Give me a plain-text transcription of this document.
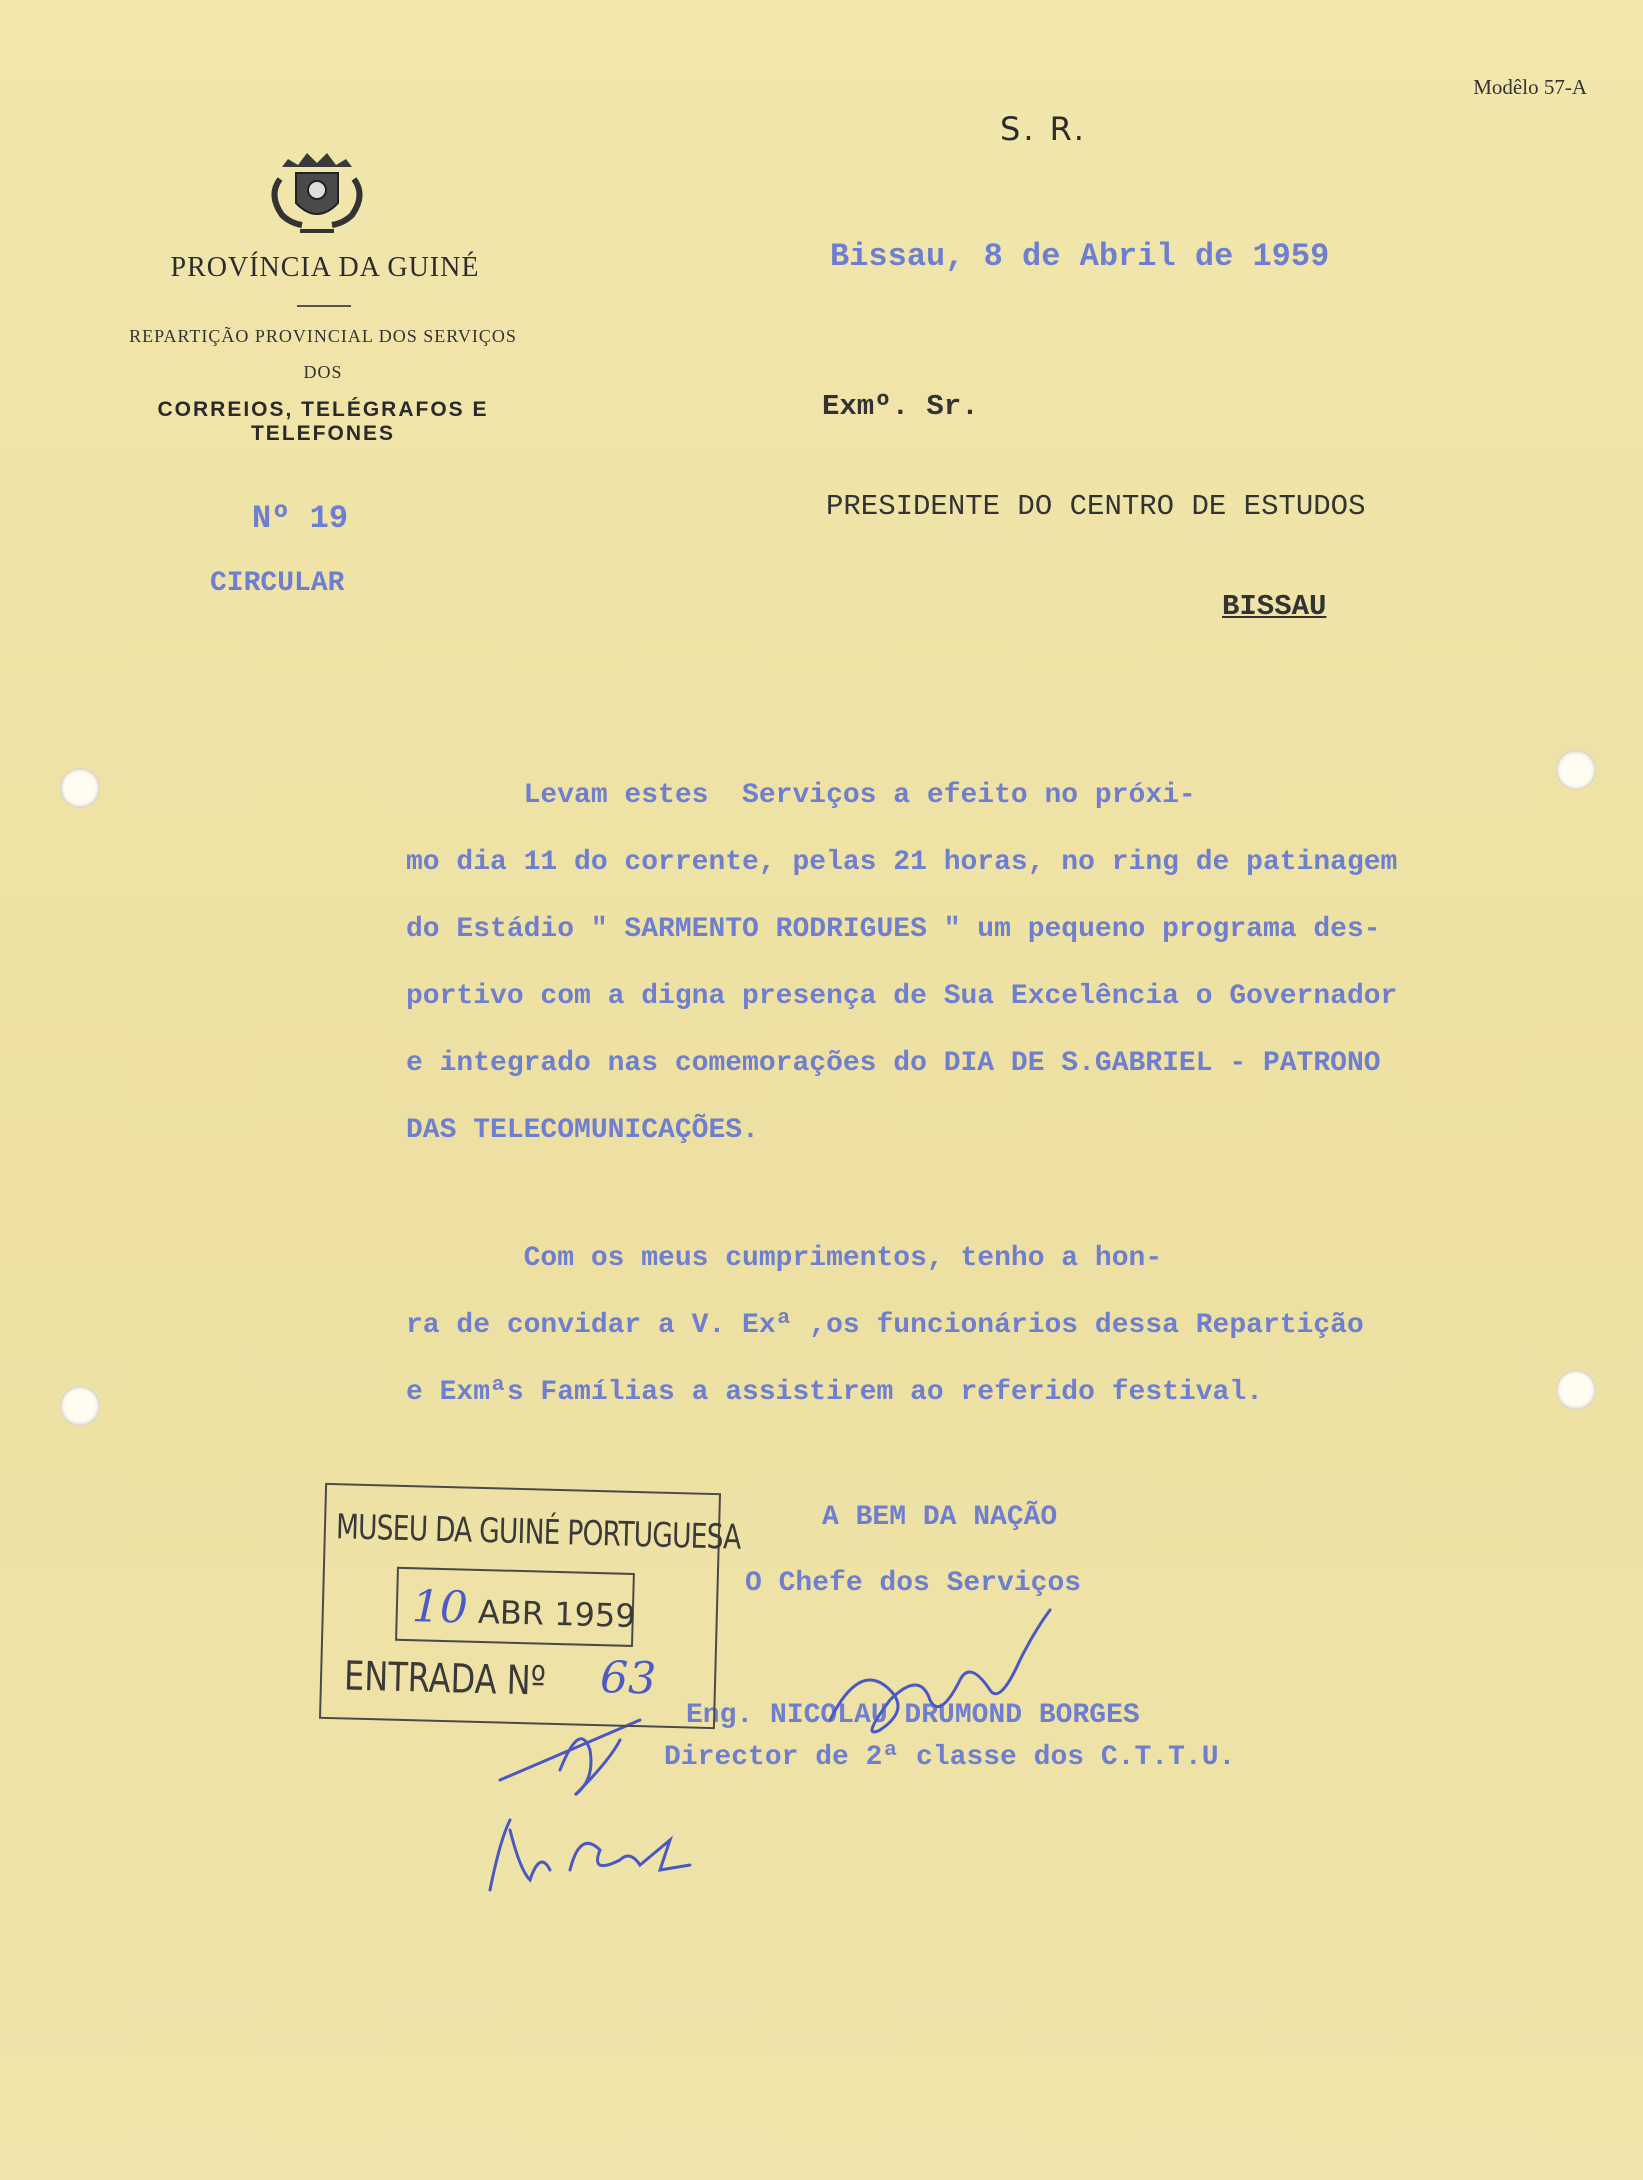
Modêlo 57-A
S. R.
PROVÍNCIA DA GUINÉ
REPARTIÇÃO PROVINCIAL DOS SERVIÇOS
DOS
CORREIOS, TELÉGRAFOS E TELEFONES
Nº 19
CIRCULAR
Bissau, 8 de Abril de 1959
Exmº. Sr.
PRESIDENTE DO CENTRO DE ESTUDOS
BISSAU
Levam estes  Serviços a efeito no próxi-
mo dia 11 do corrente, pelas 21 horas, no ring de patinagem
do Estádio " SARMENTO RODRIGUES " um pequeno programa des-
portivo com a digna presença de Sua Excelência o Governador
e integrado nas comemorações do DIA DE S.GABRIEL - PATRONO
DAS TELECOMUNICAÇÕES.
Com os meus cumprimentos, tenho a hon-
ra de convidar a V. Exª ,os funcionários dessa Repartição
e Exmªs Famílias a assistirem ao referido festival.
A BEM DA NAÇÃO
O Chefe dos Serviços
Eng. NICOLAU DRUMOND BORGES
Director de 2ª classe dos C.T.T.U.
MUSEU DA GUINÉ PORTUGUESA
10 ABR 1959
ENTRADA Nº 63
